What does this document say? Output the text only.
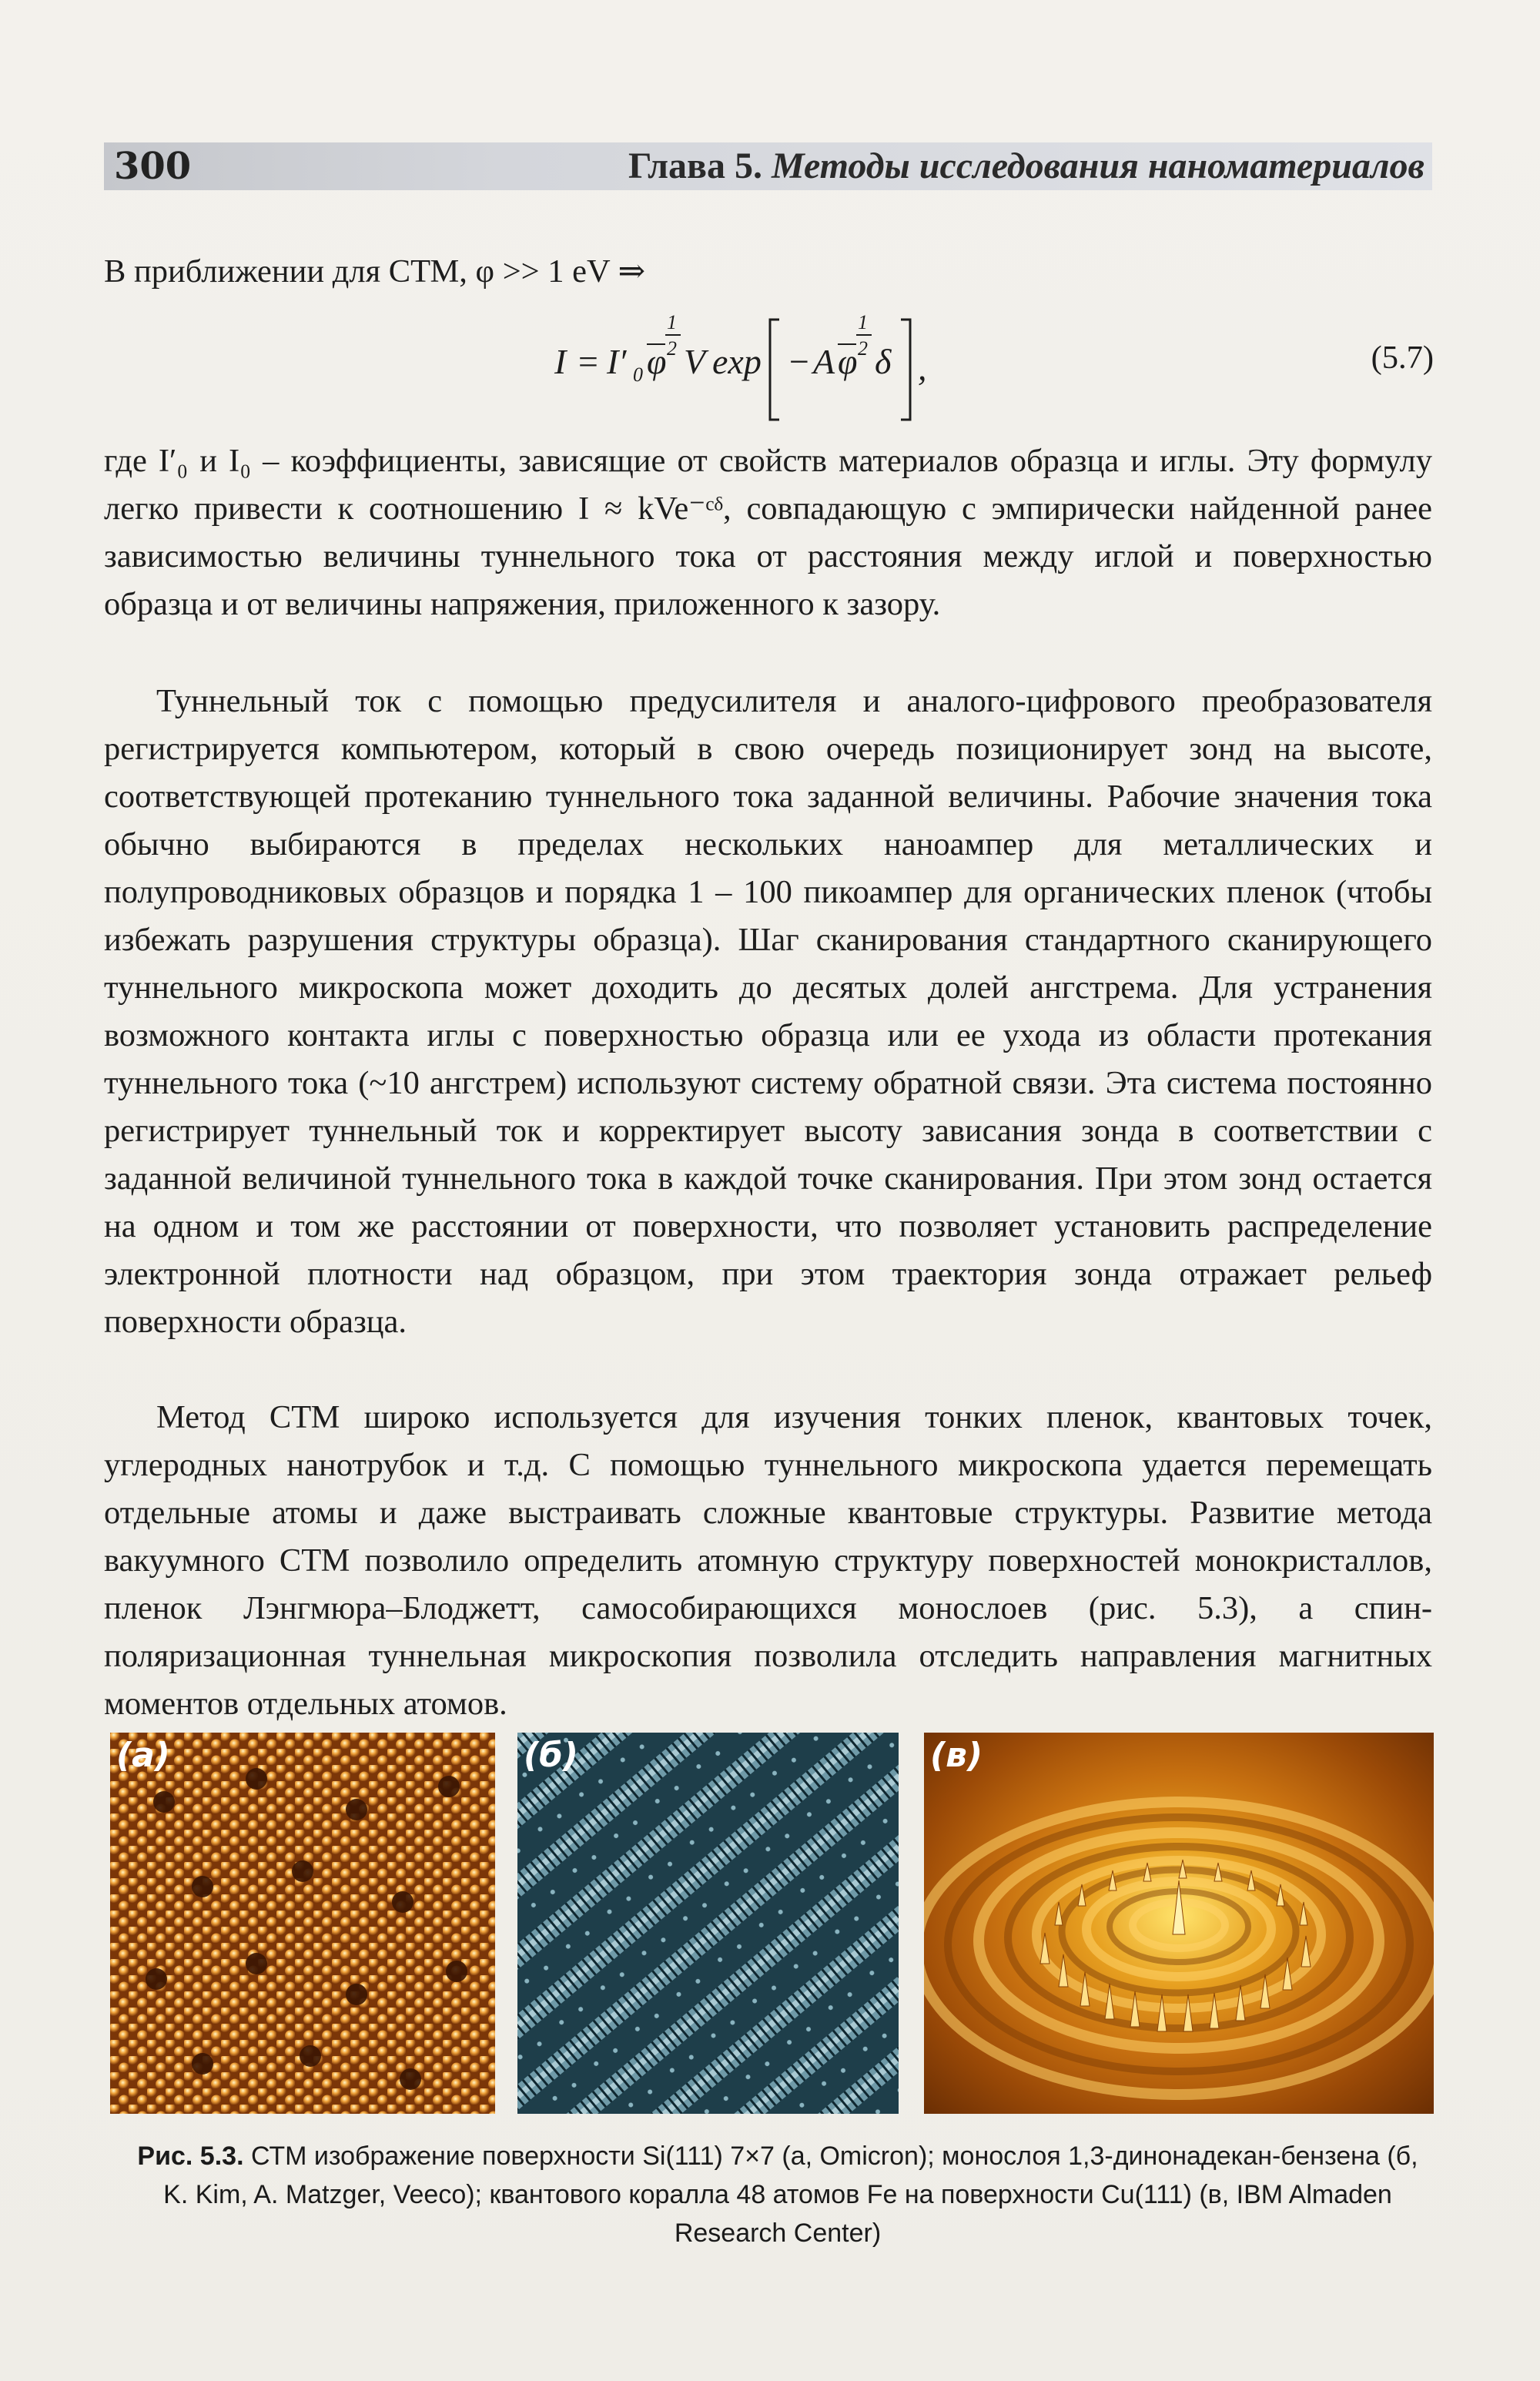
300	Глава 5. Методы исследования наноматериалов
В приближении для СТМ, φ >> 1 eV ⇒
I = I′ 0 φ
1
2 V exp − A φ
1
2 δ ,	(5.7)

где I′₀ и I₀ – коэффициенты, зависящие от свойств материалов образца и иглы. Эту формулу легко привести к соотношению I ≈ kVe⁻ᶜᵟ, совпадающую с эмпирически найденной ранее зависимостью величины туннельного тока от расстояния между иглой и поверхностью образца и от величины напряжения, приложенного к зазору.

Туннельный ток с помощью предусилителя и аналого-цифрового преобразователя регистрируется компьютером, который в свою очередь позиционирует зонд на высоте, соответствующей протеканию туннельного тока заданной величины. Рабочие значения тока обычно выбираются в пределах нескольких наноампер для металлических и полупроводниковых образцов и порядка 1 – 100 пикоампер для органических пленок (чтобы избежать разрушения структуры образца). Шаг сканирования стандартного сканирующего туннельного микроскопа может доходить до десятых долей ангстрема. Для устранения возможного контакта иглы с поверхностью образца или ее ухода из области протекания туннельного тока (~10 ангстрем) используют систему обратной связи. Эта система постоянно регистрирует туннельный ток и корректирует высоту зависания зонда в соответствии с заданной величиной туннельного тока в каждой точке сканирования. При этом зонд остается на одном и том же расстоянии от поверхности, что позволяет установить распределение электронной плотности над образцом, при этом траектория зонда отражает рельеф поверхности образца.

Метод СТМ широко используется для изучения тонких пленок, квантовых точек, углеродных нанотрубок и т.д. С помощью туннельного микроскопа удается перемещать отдельные атомы и даже выстраивать сложные квантовые структуры. Развитие метода вакуумного СТМ позволило определить атомную структуру поверхностей монокристаллов, пленок Лэнгмюра–Блоджетт, самособирающихся монослоев (рис. 5.3), а спин-поляризационная туннельная микроскопия позволила отследить направления магнитных моментов отдельных атомов.

(а)	(б)	(в)
Рис. 5.3. СТМ изображение поверхности Si(111) 7×7 (а, Omicron); монослоя 1,3-динонадекан-бензена (б, K. Kim, A. Matzger, Veeco); квантового коралла 48 атомов Fe на поверхности Cu(111) (в, IBM Almaden Research Center)
